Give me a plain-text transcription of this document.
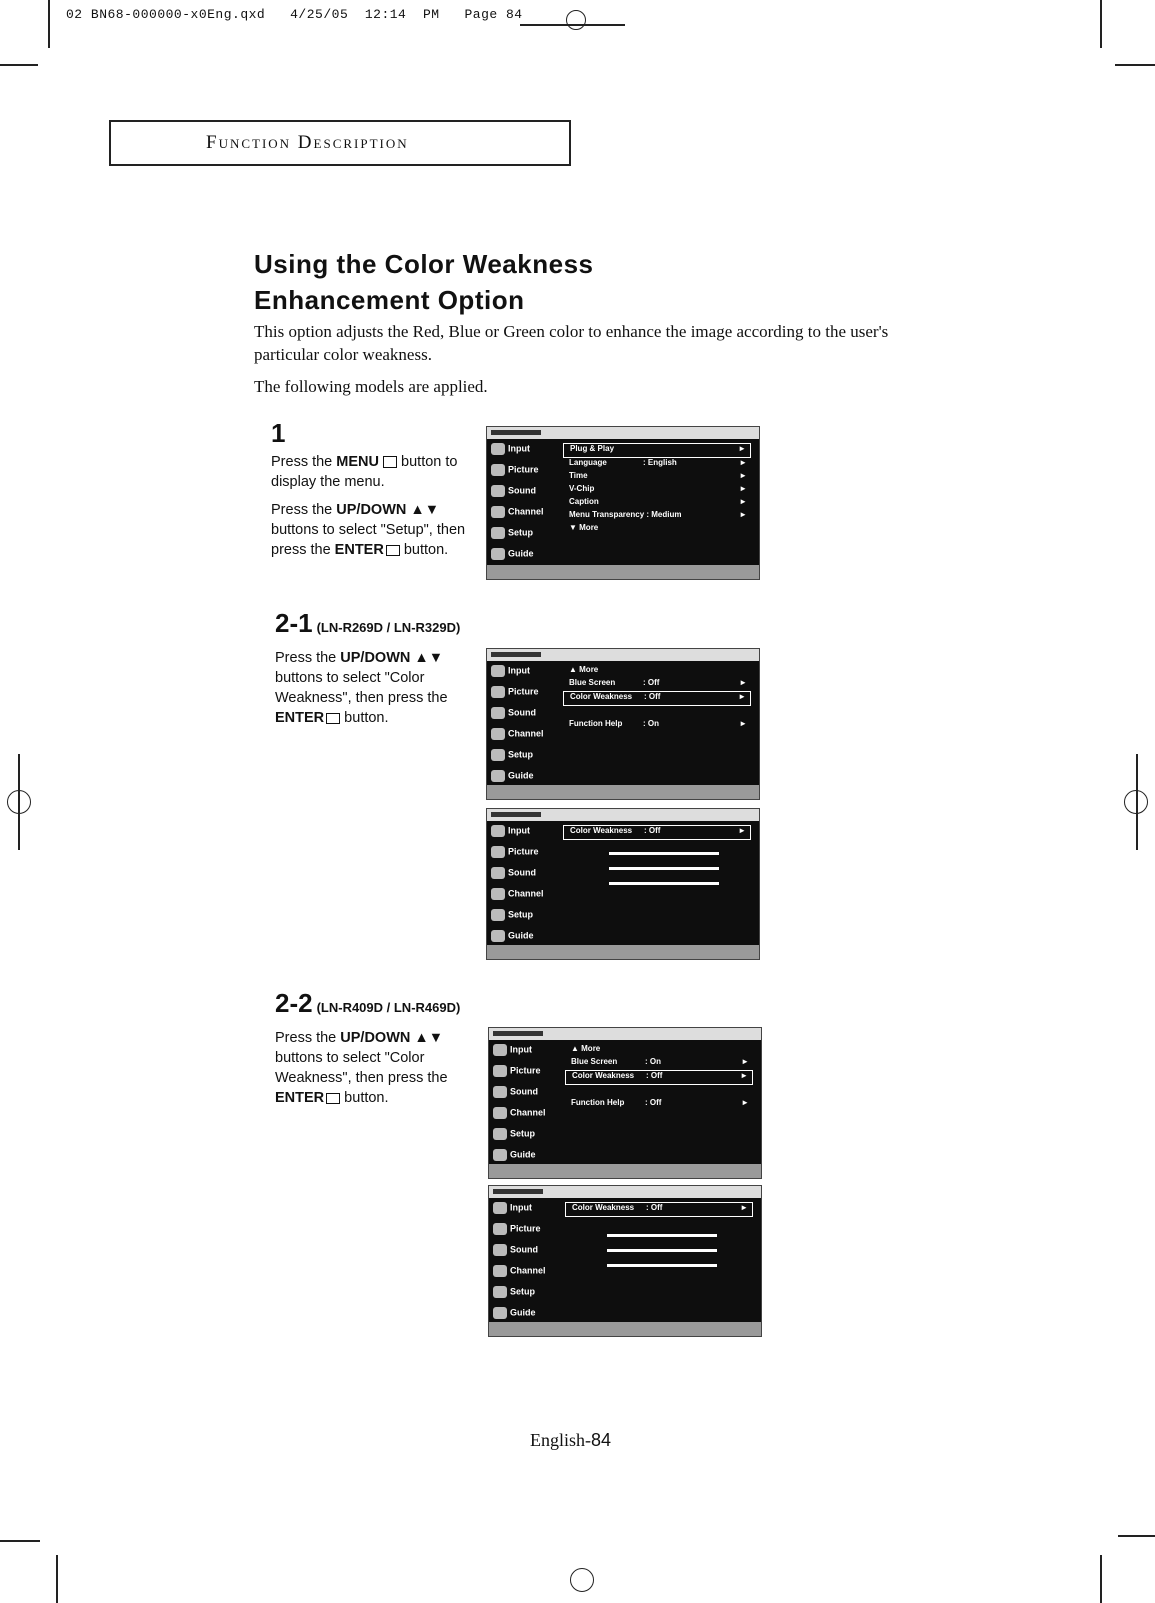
02 BN68-000000-x0Eng.qxd   4/25/05  12:14  PM   Page 84
Function Description
Using the Color Weakness
Enhancement Option
This option adjusts the Red, Blue or Green color to enhance the image according to the user's particular color weakness.
The following models are applied.
1

Press the MENU  button to display the menu.

Press the UP/DOWN ▲▼ buttons to select "Setup", then press the ENTER button.

Input
Picture
Sound
Channel
Setup
Guide
Plug & Play	►
Language	: English	►
Time	►
V-Chip	►
Caption	►
Menu Transparency : Medium	►
▼ More
2-1 (LN-R269D / LN-R329D)

Press the UP/DOWN ▲▼ buttons to select "Color Weakness", then press the ENTER button.

Input
Picture
Sound
Channel
Setup
Guide
▲ More
Blue Screen	: Off	►
Color Weakness : Off	►
Function Help	: On	►
Input
Picture
Sound
Channel
Setup
Guide
Color Weakness : Off	►
2-2 (LN-R409D / LN-R469D)

Press the UP/DOWN ▲▼ buttons to select "Color Weakness", then press the ENTER button.

Input
Picture
Sound
Channel
Setup
Guide
▲ More
Blue Screen	: On	►
Color Weakness : Off	►
Function Help	: Off	►
Input
Picture
Sound
Channel
Setup
Guide
Color Weakness : Off	►
English-84
